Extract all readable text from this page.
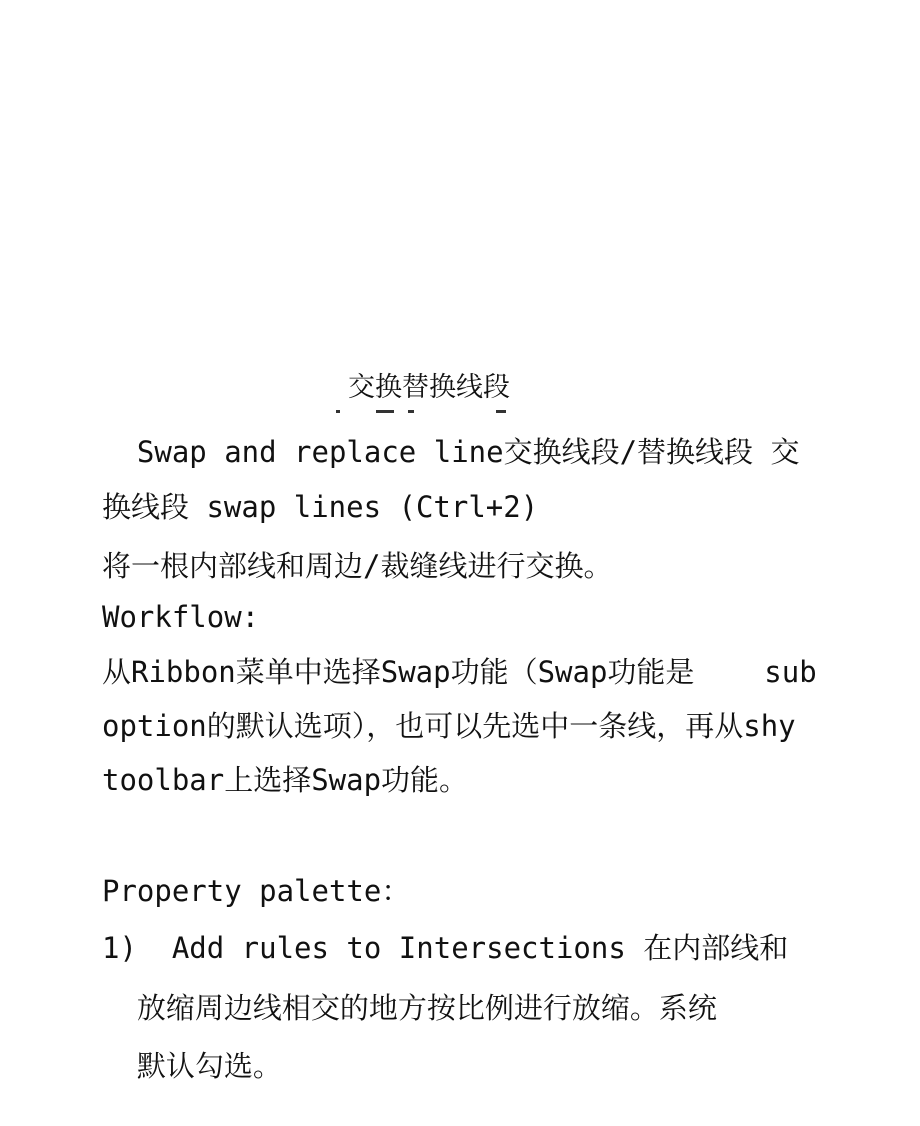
交换替换线段
Swap and replace line交换线段/替换线段 交
换线段 swap lines (Ctrl+2)
将一根内部线和周边/裁缝线进行交换。
Workflow:
从Ribbon菜单中选择Swap功能（Swap功能是    sub
option的默认选项），也可以先选中一条线，再从shy
toolbar上选择Swap功能。
Property palette：
1)  Add rules to Intersections 在内部线和
放缩周边线相交的地方按比例进行放缩。系统
默认勾选。
